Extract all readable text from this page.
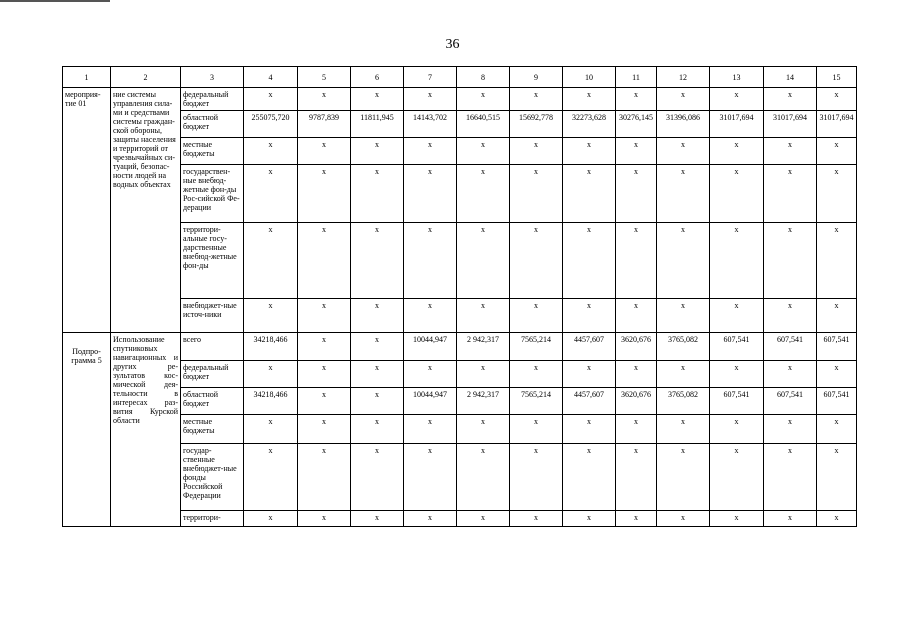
36
1	2	3	4	5	6	7	8	9	10	11	12	13	14	15
мероприя-тие 01	ние системы управления сила-ми и средствами системы граждан-ской обороны, защиты населения и территорий от чрезвычайных си-туаций, безопас-ности людей на водных объектах	федеральный бюджет	x	x	x	x	x	x	x	x	x	x	x	x
		областной бюджет	255075,720	9787,839	11811,945	14143,702	16640,515	15692,778	32273,628	30276,145	31396,086	31017,694	31017,694	31017,694
		местные бюджеты	x	x	x	x	x	x	x	x	x	x	x	x
		государствен-ные внебюд-жетные фон-ды Рос-сийской Фе-дерации	x	x	x	x	x	x	x	x	x	x	x	x
		территори-альные госу-дарственные внебюд-жетные фон-ды	x	x	x	x	x	x	x	x	x	x	x	x
		внебюджет-ные источ-ники	x	x	x	x	x	x	x	x	x	x	x	x
Подпро-грамма 5	Использование спутниковых навигационных и других ре-зультатов кос-мической дея-тельности в интересах раз-вития Курской области	всего	34218,466	x	x	10044,947	2 942,317	7565,214	4457,607	3620,676	3765,082	607,541	607,541	607,541
		федеральный бюджет	x	x	x	x	x	x	x	x	x	x	x	x
		областной бюджет	34218,466	x	x	10044,947	2 942,317	7565,214	4457,607	3620,676	3765,082	607,541	607,541	607,541
		местные бюджеты	x	x	x	x	x	x	x	x	x	x	x	x
		государ-ственные внебюджет-ные фонды Российской Федерации	x	x	x	x	x	x	x	x	x	x	x	x
		территори-	x	x	x	x	x	x	x	x	x	x	x	x
